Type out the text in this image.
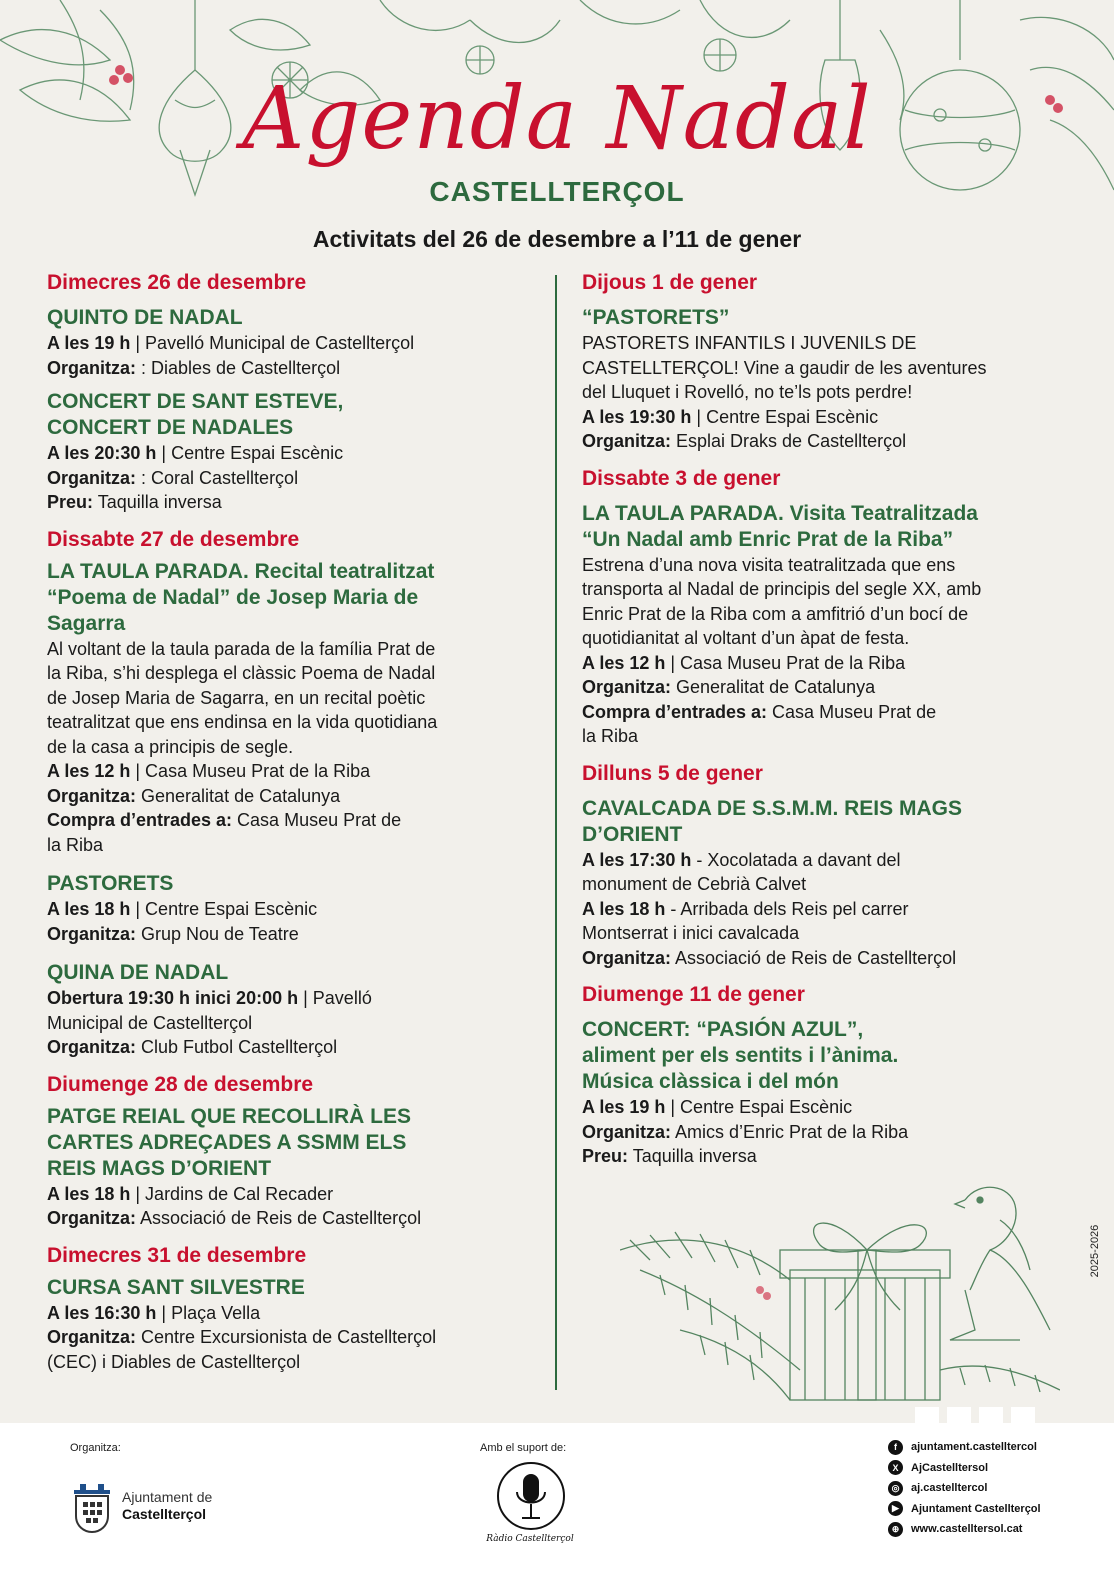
Agenda Nadal
CASTELLTERÇOL
Activitats del 26 de desembre a l’11 de gener
Dimecres 26 de desembre
QUINTO DE NADAL
A les 19 h | Pavelló Municipal de Castellterçol
Organitza: : Diables de Castellterçol
CONCERT DE SANT ESTEVE,
CONCERT DE NADALES
A les 20:30 h | Centre Espai Escènic
Organitza: : Coral Castellterçol
Preu: Taquilla inversa
Dissabte 27 de desembre
LA TAULA PARADA. Recital teatralitzat
“Poema de Nadal” de Josep Maria de
Sagarra
Al voltant de la taula parada de la família Prat de
la Riba, s’hi desplega el clàssic Poema de Nadal
de Josep Maria de Sagarra, en un recital poètic
teatralitzat que ens endinsa en la vida quotidiana
de la casa a principis de segle.
A les 12 h | Casa Museu Prat de la Riba
Organitza: Generalitat de Catalunya
Compra d’entrades a: Casa Museu Prat de
la Riba
PASTORETS
A les 18 h | Centre Espai Escènic
Organitza: Grup Nou de Teatre
QUINA DE NADAL
Obertura 19:30 h inici 20:00 h | Pavelló
Municipal de Castellterçol
Organitza: Club Futbol Castellterçol
Diumenge 28 de desembre
PATGE REIAL QUE RECOLLIRÀ LES
CARTES ADREÇADES A SSMM ELS
REIS MAGS D’ORIENT
A les 18 h | Jardins de Cal Recader
Organitza: Associació de Reis de Castellterçol
Dimecres 31 de desembre
CURSA SANT SILVESTRE
A les 16:30 h | Plaça Vella
Organitza: Centre Excursionista de Castellterçol
(CEC) i Diables de Castellterçol
Dijous 1 de gener
“PASTORETS”
PASTORETS INFANTILS I JUVENILS DE
CASTELLTERÇOL! Vine a gaudir de les aventures
del Lluquet i Rovelló, no te’ls pots perdre!
A les 19:30 h | Centre Espai Escènic
Organitza: Esplai Draks de Castellterçol
Dissabte 3 de gener
LA TAULA PARADA. Visita Teatralitzada
“Un Nadal amb Enric Prat de la Riba”
Estrena d’una nova visita teatralitzada que ens
transporta al Nadal de principis del segle XX, amb
Enric Prat de la Riba com a amfitrió d’un bocí de
quotidianitat al voltant d’un àpat de festa.
A les 12 h | Casa Museu Prat de la Riba
Organitza: Generalitat de Catalunya
Compra d’entrades a: Casa Museu Prat de
la Riba
Dilluns 5 de gener
CAVALCADA DE S.S.M.M. REIS MAGS
D’ORIENT
A les 17:30 h - Xocolatada a davant del
monument de Cebrià Calvet
A les 18 h - Arribada dels Reis pel carrer
Montserrat i inici cavalcada
Organitza: Associació de Reis de Castellterçol
Diumenge 11 de gener
CONCERT: “PASIÓN AZUL”,
aliment per els sentits i l’ànima.
Música clàssica i del món
A les 19 h | Centre Espai Escènic
Organitza: Amics d’Enric Prat de la Riba
Preu: Taquilla inversa
2025-2026
Organitza:	Amb el suport de:
Ajuntament de
Castellterçol
Ràdio Castellterçol
f	ajuntament.castelltercol
X	AjCastelltersol
◎	aj.castelltercol
▶	Ajuntament Castellterçol
⊕	www.castelltersol.cat
